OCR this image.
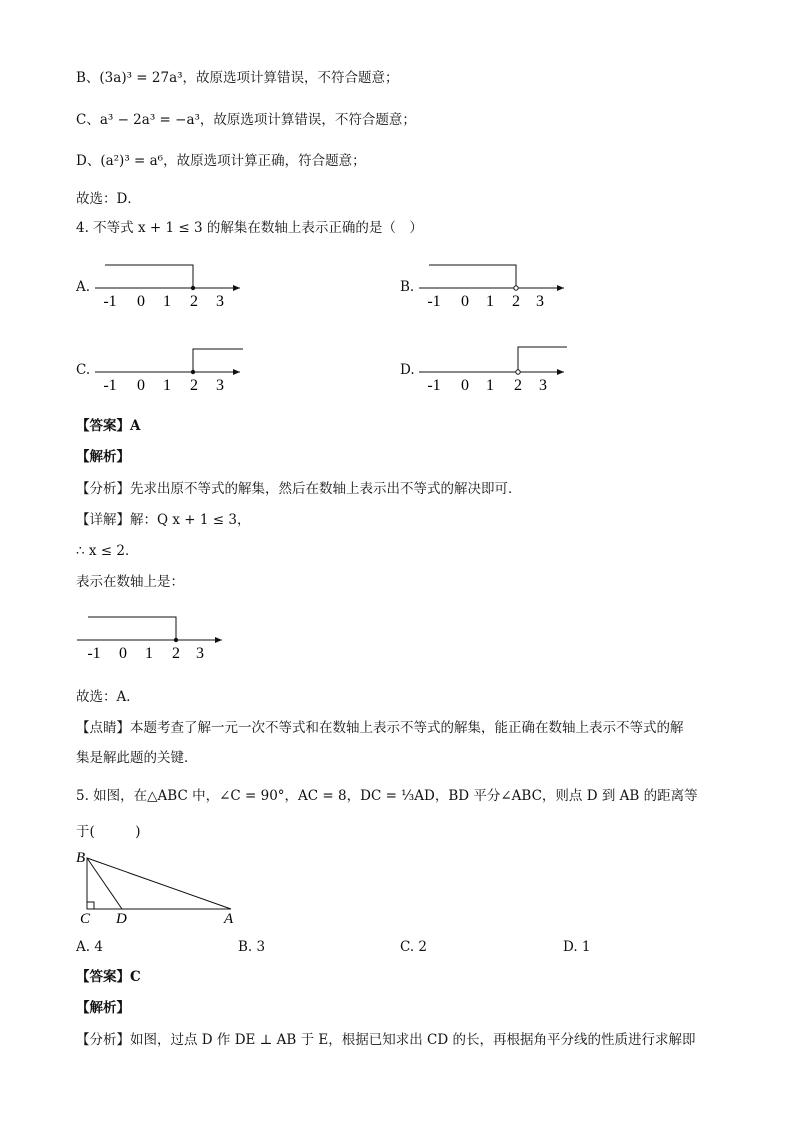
B、(3a)³ = 27a³，故原选项计算错误，不符合题意；
C、a³ − 2a³ = −a³，故原选项计算错误，不符合题意；
D、(a²)³ = a⁶，故原选项计算正确，符合题意；
故选：D．
4. 不等式 x + 1 ≤ 3 的解集在数轴上表示正确的是（　）
A.
-1 0 1 2 3
B.
-1 0 1 2 3
C.
-1 0 1 2 3
D.
-1 0 1 2 3
【答案】A
【解析】
【分析】先求出原不等式的解集，然后在数轴上表示出不等式的解决即可．
【详解】解：Q x + 1 ≤ 3，
∴ x ≤ 2．
表示在数轴上是：
-1 0 1 2 3
故选：A．
【点睛】本题考查了解一元一次不等式和在数轴上表示不等式的解集，能正确在数轴上表示不等式的解
集是解此题的关键．
5. 如图，在△ABC 中，∠C = 90°，AC = 8，DC = ⅓AD，BD 平分∠ABC，则点 D 到 AB 的距离等
于(　　　)
B
C D	A
A. 4	B. 3	C. 2	D. 1
【答案】C
【解析】
【分析】如图，过点 D 作 DE ⊥ AB 于 E，根据已知求出 CD 的长，再根据角平分线的性质进行求解即
